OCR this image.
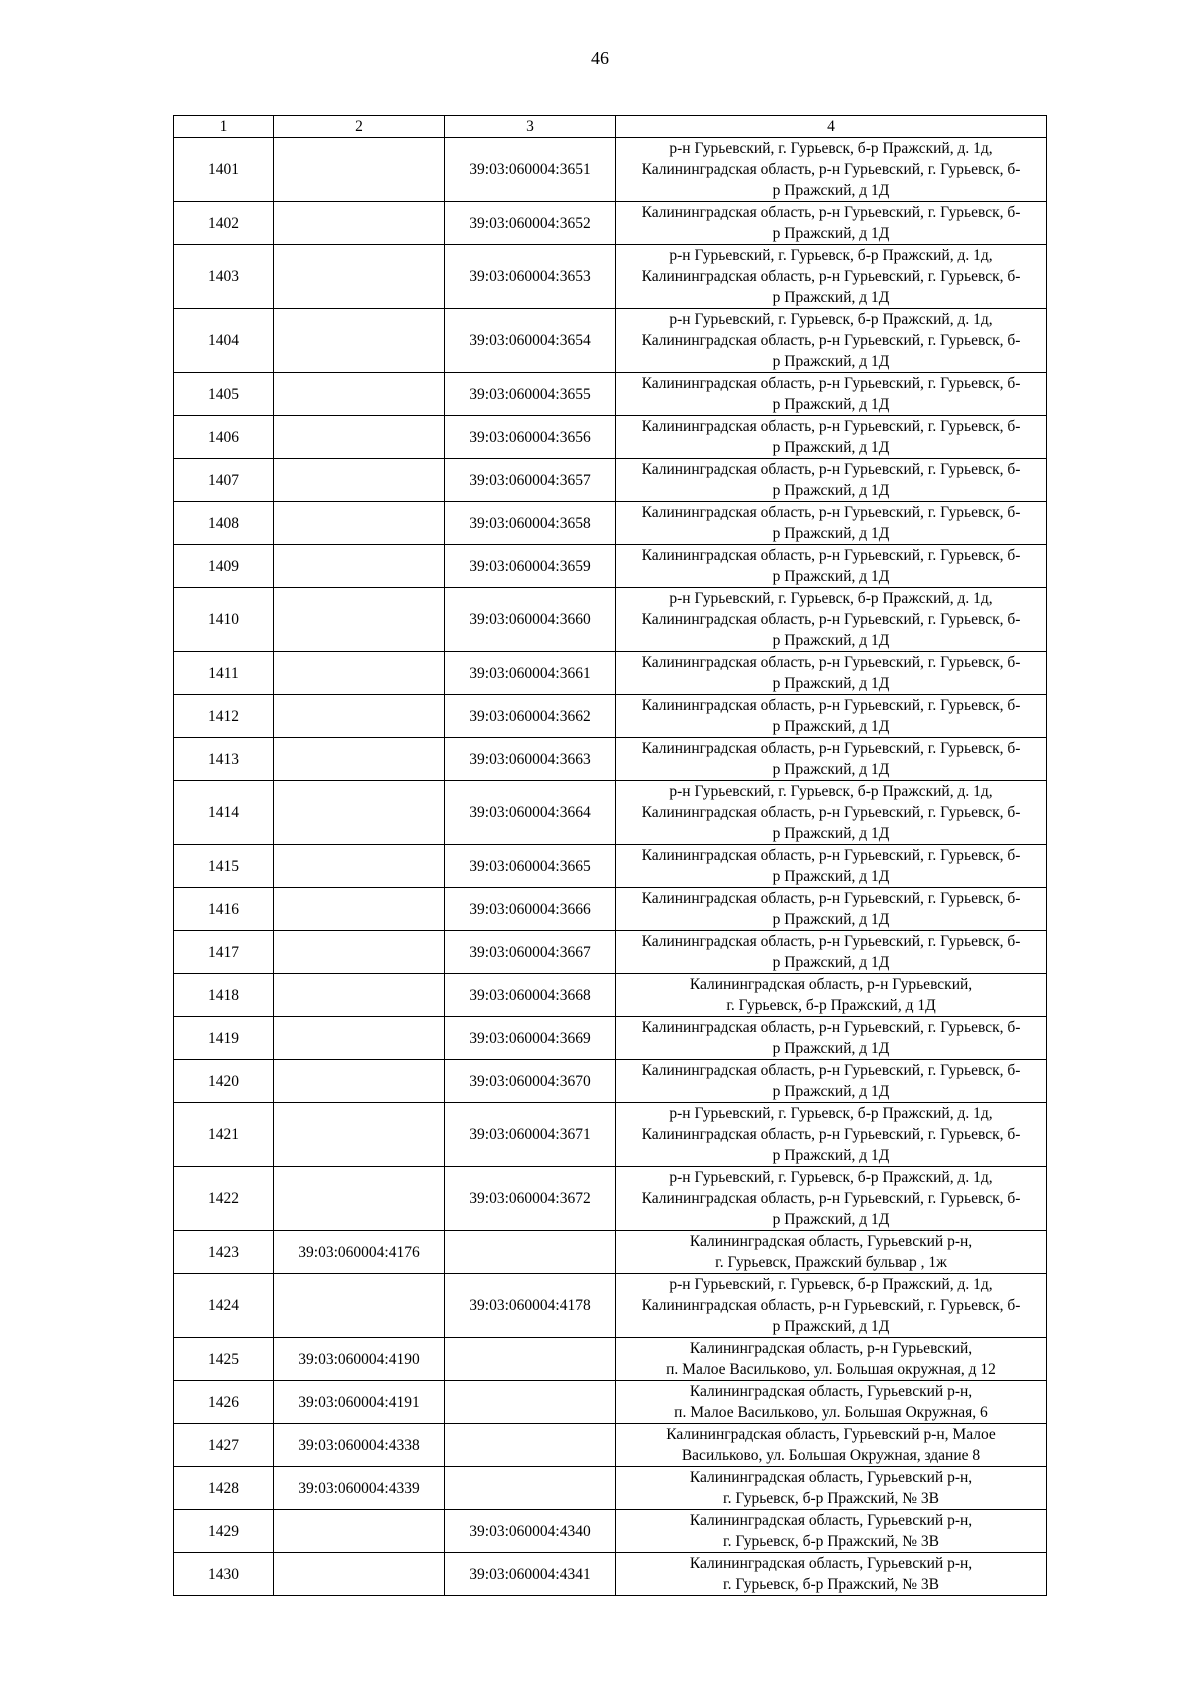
46
1	2	3	4
1401		39:03:060004:3651	р-н Гурьевский, г. Гурьевск, б-р Пражский, д. 1д,
Калининградская область, р-н Гурьевский, г. Гурьевск, б-
р Пражский, д 1Д

1402		39:03:060004:3652	Калининградская область, р-н Гурьевский, г. Гурьевск, б-
р Пражский, д 1Д

1403		39:03:060004:3653	р-н Гурьевский, г. Гурьевск, б-р Пражский, д. 1д,
Калининградская область, р-н Гурьевский, г. Гурьевск, б-
р Пражский, д 1Д

1404		39:03:060004:3654	р-н Гурьевский, г. Гурьевск, б-р Пражский, д. 1д,
Калининградская область, р-н Гурьевский, г. Гурьевск, б-
р Пражский, д 1Д

1405		39:03:060004:3655	Калининградская область, р-н Гурьевский, г. Гурьевск, б-
р Пражский, д 1Д

1406		39:03:060004:3656	Калининградская область, р-н Гурьевский, г. Гурьевск, б-
р Пражский, д 1Д

1407		39:03:060004:3657	Калининградская область, р-н Гурьевский, г. Гурьевск, б-
р Пражский, д 1Д

1408		39:03:060004:3658	Калининградская область, р-н Гурьевский, г. Гурьевск, б-
р Пражский, д 1Д

1409		39:03:060004:3659	Калининградская область, р-н Гурьевский, г. Гурьевск, б-
р Пражский, д 1Д

1410		39:03:060004:3660	р-н Гурьевский, г. Гурьевск, б-р Пражский, д. 1д,
Калининградская область, р-н Гурьевский, г. Гурьевск, б-
р Пражский, д 1Д

1411		39:03:060004:3661	Калининградская область, р-н Гурьевский, г. Гурьевск, б-
р Пражский, д 1Д

1412		39:03:060004:3662	Калининградская область, р-н Гурьевский, г. Гурьевск, б-
р Пражский, д 1Д

1413		39:03:060004:3663	Калининградская область, р-н Гурьевский, г. Гурьевск, б-
р Пражский, д 1Д

1414		39:03:060004:3664	р-н Гурьевский, г. Гурьевск, б-р Пражский, д. 1д,
Калининградская область, р-н Гурьевский, г. Гурьевск, б-
р Пражский, д 1Д

1415		39:03:060004:3665	Калининградская область, р-н Гурьевский, г. Гурьевск, б-
р Пражский, д 1Д

1416		39:03:060004:3666	Калининградская область, р-н Гурьевский, г. Гурьевск, б-
р Пражский, д 1Д

1417		39:03:060004:3667	Калининградская область, р-н Гурьевский, г. Гурьевск, б-
р Пражский, д 1Д

1418		39:03:060004:3668	Калининградская область, р-н Гурьевский,
г. Гурьевск, б-р Пражский, д 1Д

1419		39:03:060004:3669	Калининградская область, р-н Гурьевский, г. Гурьевск, б-
р Пражский, д 1Д

1420		39:03:060004:3670	Калининградская область, р-н Гурьевский, г. Гурьевск, б-
р Пражский, д 1Д

1421		39:03:060004:3671	р-н Гурьевский, г. Гурьевск, б-р Пражский, д. 1д,
Калининградская область, р-н Гурьевский, г. Гурьевск, б-
р Пражский, д 1Д

1422		39:03:060004:3672	р-н Гурьевский, г. Гурьевск, б-р Пражский, д. 1д,
Калининградская область, р-н Гурьевский, г. Гурьевск, б-
р Пражский, д 1Д

1423	39:03:060004:4176		Калининградская область, Гурьевский р-н,
г. Гурьевск, Пражский бульвар , 1ж

1424		39:03:060004:4178	р-н Гурьевский, г. Гурьевск, б-р Пражский, д. 1д,
Калининградская область, р-н Гурьевский, г. Гурьевск, б-
р Пражский, д 1Д

1425	39:03:060004:4190		Калининградская область, р-н Гурьевский,
п. Малое Васильково, ул. Большая окружная, д 12

1426	39:03:060004:4191		Калининградская область, Гурьевский р-н,
п. Малое Васильково, ул. Большая Окружная, 6

1427	39:03:060004:4338		Калининградская область, Гурьевский р-н, Малое
Васильково, ул. Большая Окружная, здание 8

1428	39:03:060004:4339		Калининградская область, Гурьевский р-н,
г. Гурьевск, б-р Пражский, № 3В

1429		39:03:060004:4340	Калининградская область, Гурьевский р-н,
г. Гурьевск, б-р Пражский, № 3В

1430		39:03:060004:4341	Калининградская область, Гурьевский р-н,
г. Гурьевск, б-р Пражский, № 3В
